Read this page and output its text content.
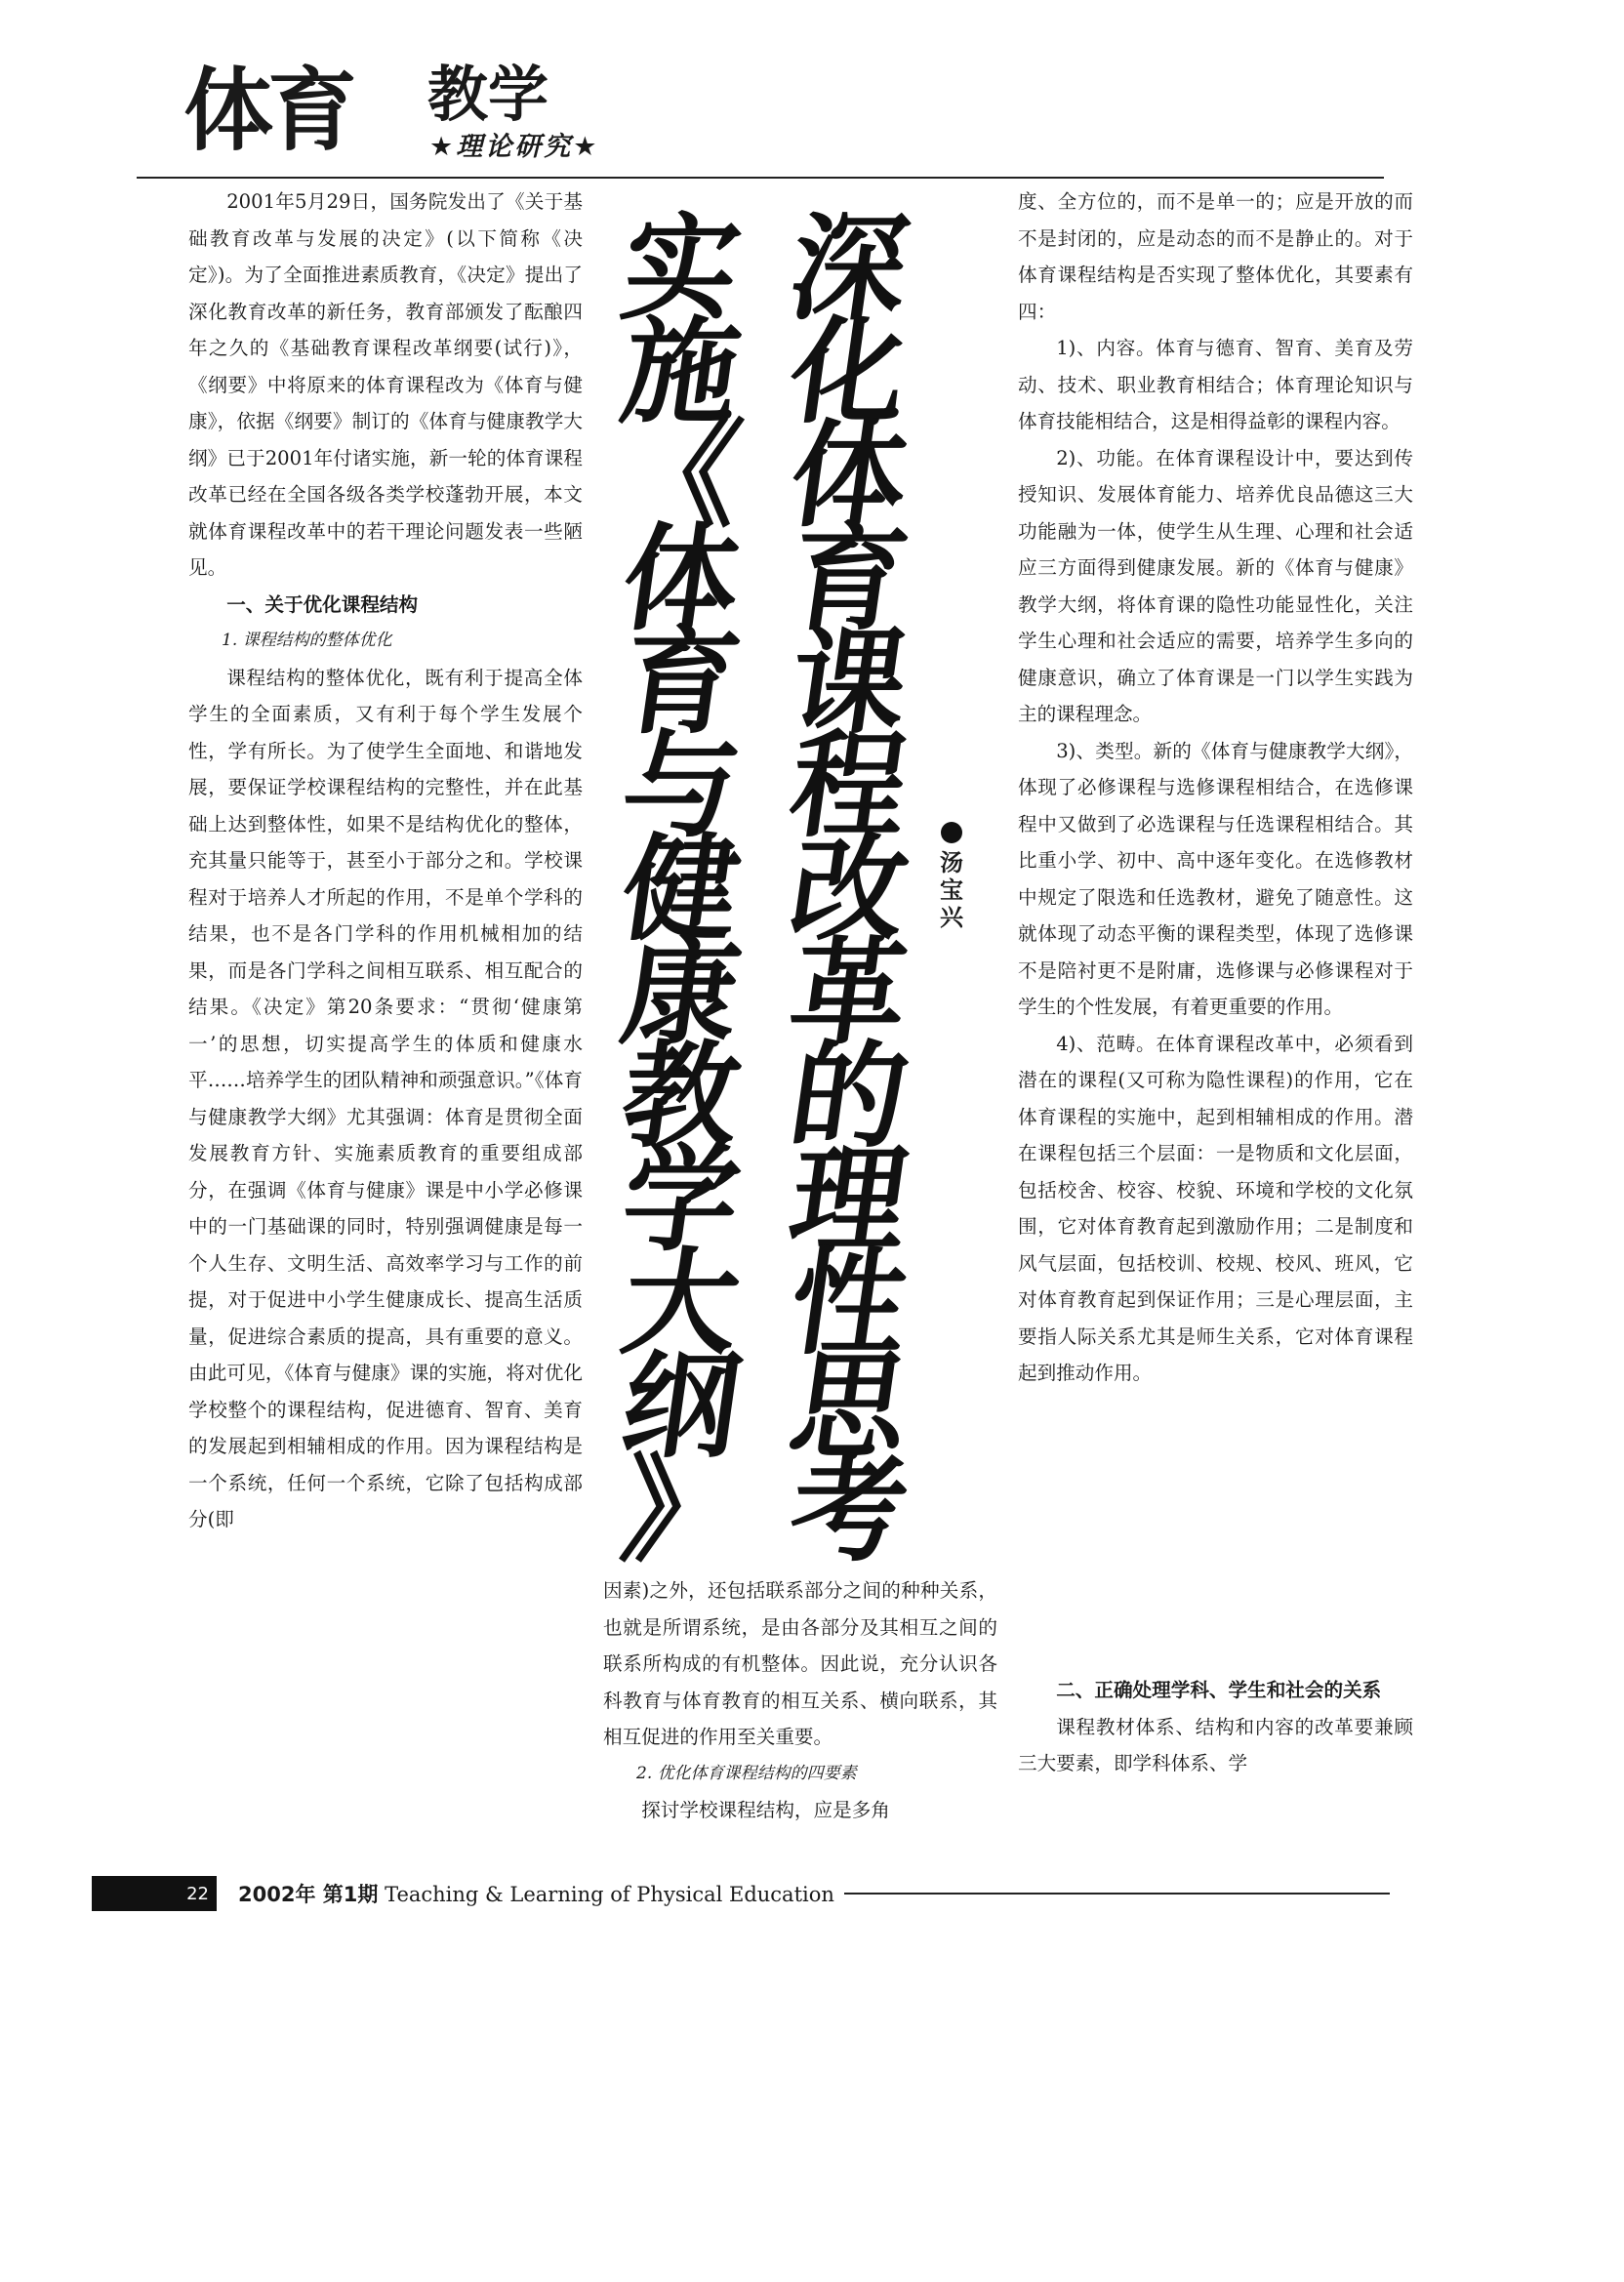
体育 教学
★理论研究★

2001年5月29日，国务院发出了《关于基础教育改革与发展的决定》(以下简称《决定》)。为了全面推进素质教育，《决定》提出了深化教育改革的新任务，教育部颁发了酝酿四年之久的《基础教育课程改革纲要(试行)》，《纲要》中将原来的体育课程改为《体育与健康》，依据《纲要》制订的《体育与健康教学大纲》已于2001年付诸实施，新一轮的体育课程改革已经在全国各级各类学校蓬勃开展，本文就体育课程改革中的若干理论问题发表一些陋见。

一、关于优化课程结构

1. 课程结构的整体优化

课程结构的整体优化，既有利于提高全体学生的全面素质，又有利于每个学生发展个性，学有所长。为了使学生全面地、和谐地发展，要保证学校课程结构的完整性，并在此基础上达到整体性，如果不是结构优化的整体，充其量只能等于，甚至小于部分之和。学校课程对于培养人才所起的作用，不是单个学科的结果，也不是各门学科的作用机械相加的结果，而是各门学科之间相互联系、相互配合的结果。《决定》第20条要求：“贯彻‘健康第一’的思想，切实提高学生的体质和健康水平……培养学生的团队精神和顽强意识。”《体育与健康教学大纲》尤其强调：体育是贯彻全面发展教育方针、实施素质教育的重要组成部分，在强调《体育与健康》课是中小学必修课中的一门基础课的同时，特别强调健康是每一个人生存、文明生活、高效率学习与工作的前提，对于促进中小学生健康成长、提高生活质量，促进综合素质的提高，具有重要的意义。由此可见，《体育与健康》课的实施，将对优化学校整个的课程结构，促进德育、智育、美育的发展起到相辅相成的作用。因为课程结构是一个系统，任何一个系统，它除了包括构成部分(即

深
化
体
育
课
程
改
革
的
理
性
思
考
实
施
《
体
育
与
健
康
教
学
大
纲
》
汤
宝
兴

因素)之外，还包括联系部分之间的种种关系，也就是所谓系统，是由各部分及其相互之间的联系所构成的有机整体。因此说，充分认识各科教育与体育教育的相互关系、横向联系，其相互促进的作用至关重要。

2. 优化体育课程结构的四要素

探讨学校课程结构，应是多角

度、全方位的，而不是单一的；应是开放的而不是封闭的，应是动态的而不是静止的。对于体育课程结构是否实现了整体优化，其要素有四：

1)、内容。体育与德育、智育、美育及劳动、技术、职业教育相结合；体育理论知识与体育技能相结合，这是相得益彰的课程内容。

2)、功能。在体育课程设计中，要达到传授知识、发展体育能力、培养优良品德这三大功能融为一体，使学生从生理、心理和社会适应三方面得到健康发展。新的《体育与健康》教学大纲，将体育课的隐性功能显性化，关注学生心理和社会适应的需要，培养学生多向的健康意识，确立了体育课是一门以学生实践为主的课程理念。

3)、类型。新的《体育与健康教学大纲》，体现了必修课程与选修课程相结合，在选修课程中又做到了必选课程与任选课程相结合。其比重小学、初中、高中逐年变化。在选修教材中规定了限选和任选教材，避免了随意性。这就体现了动态平衡的课程类型，体现了选修课不是陪衬更不是附庸，选修课与必修课程对于学生的个性发展，有着更重要的作用。

4)、范畴。在体育课程改革中，必须看到潜在的课程(又可称为隐性课程)的作用，它在体育课程的实施中，起到相辅相成的作用。潜在课程包括三个层面：一是物质和文化层面，包括校舍、校容、校貌、环境和学校的文化氛围，它对体育教育起到激励作用；二是制度和风气层面，包括校训、校规、校风、班风，它对体育教育起到保证作用；三是心理层面，主要指人际关系尤其是师生关系，它对体育课程起到推动作用。

二、正确处理学科、学生和社会的关系

课程教材体系、结构和内容的改革要兼顾三大要素，即学科体系、学

22	2002年 第1期 Teaching & Learning of Physical Education
